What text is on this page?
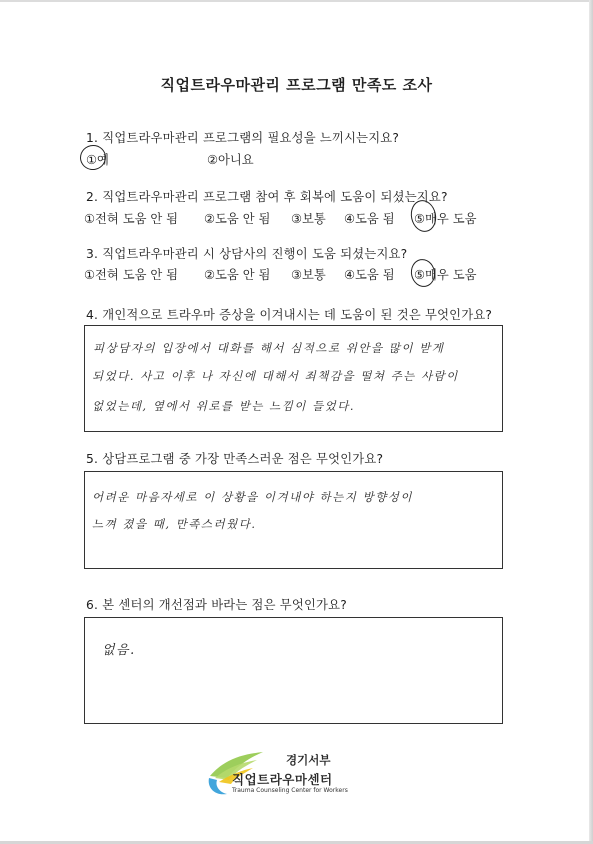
직업트라우마관리 프로그램 만족도 조사
1. 직업트라우마관리 프로그램의 필요성을 느끼시는지요?
①예	②아니요
2. 직업트라우마관리 프로그램 참여 후 회복에 도움이 되셨는지요?
①전혀 도움 안 됨 ②도움 안 됨 ③보통 ④도움 됨 ⑤매우 도움
3. 직업트라우마관리 시 상담사의 진행이 도움 되셨는지요?
①전혀 도움 안 됨 ②도움 안 됨 ③보통 ④도움 됨 ⑤매우 도움
4. 개인적으로 트라우마 증상을 이겨내시는 데 도움이 된 것은 무엇인가요?
피상담자의 입장에서 대화를 해서 심적으로 위안을 많이 받게
되었다. 사고 이후 나 자신에 대해서 죄책감을 떨쳐 주는 사람이
없었는데, 옆에서 위로를 받는 느낌이 들었다.
5. 상담프로그램 중 가장 만족스러운 점은 무엇인가요?
어려운 마음자세로 이 상황을 이겨내야 하는지 방향성이
느껴 졌을 때, 만족스러웠다.
6. 본 센터의 개선점과 바라는 점은 무엇인가요?
없음.
경기서부
직업트라우마센터
Trauma Counseling Center for Workers
